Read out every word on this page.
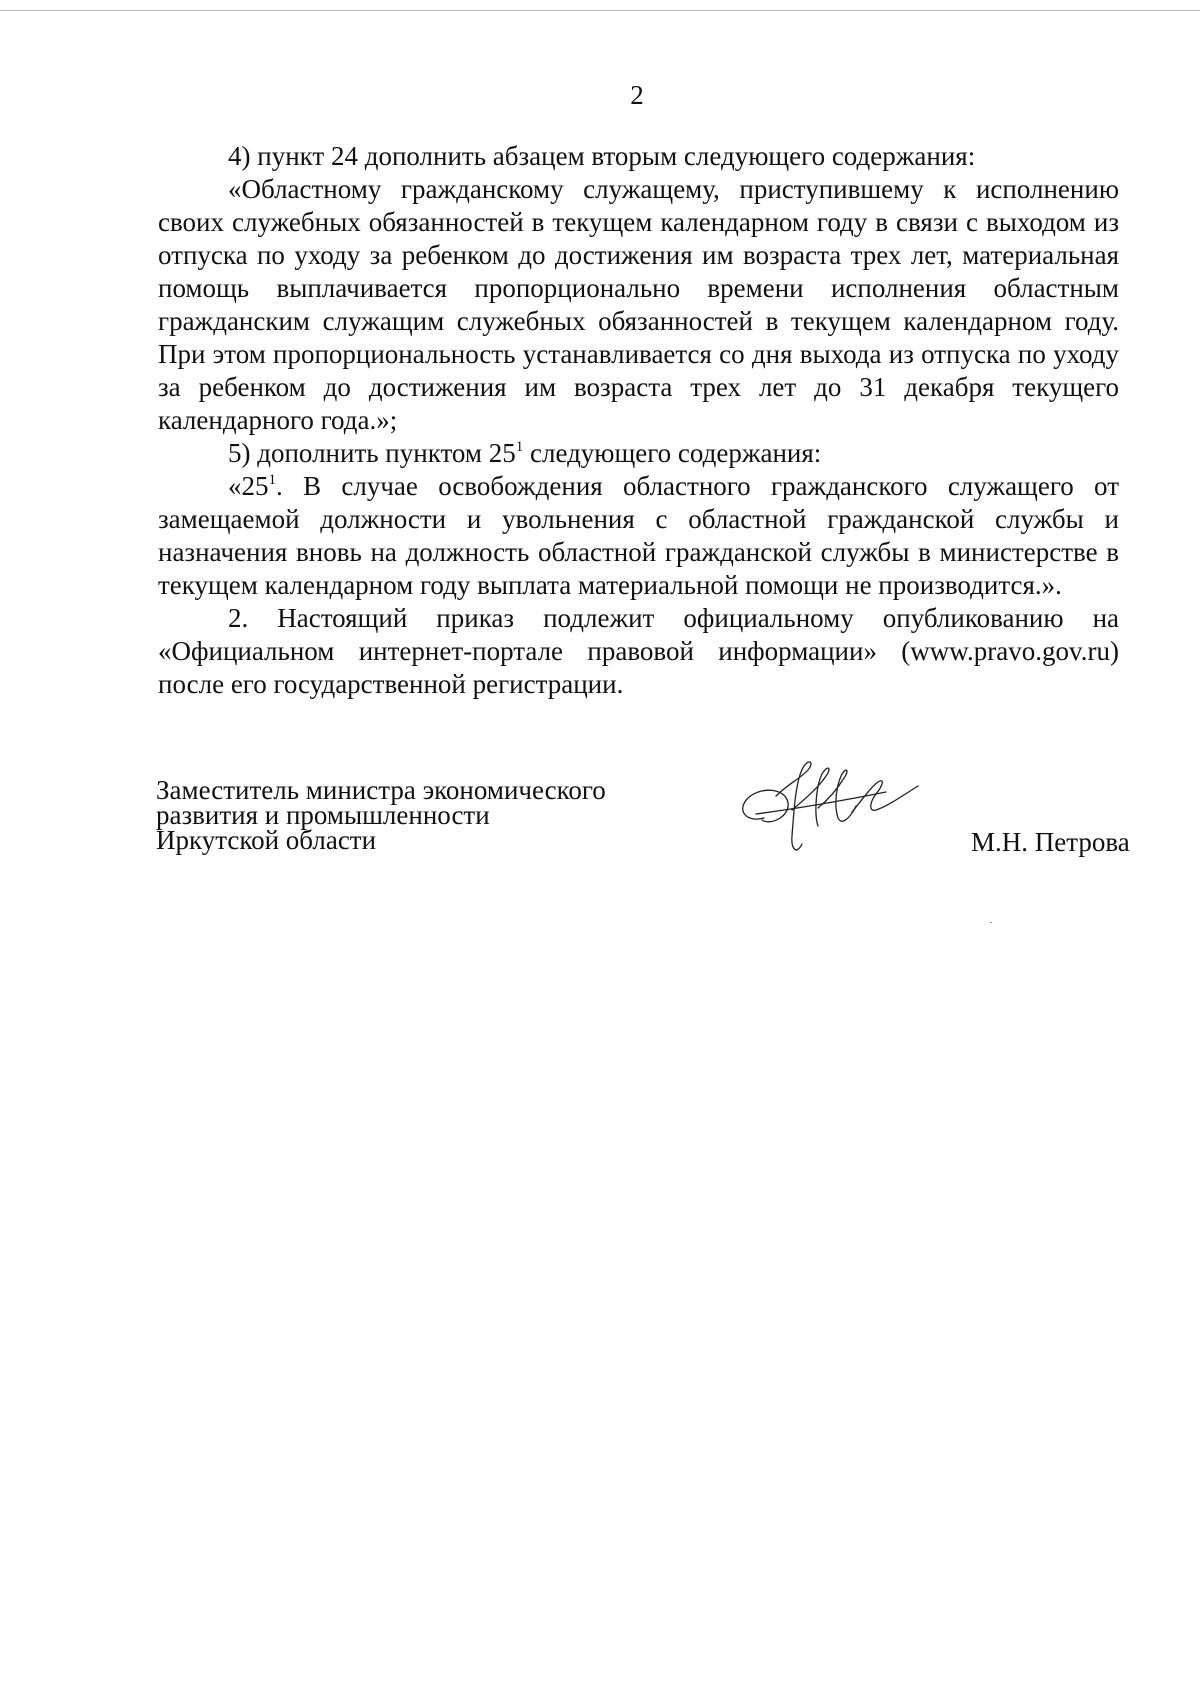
2

4) пункт 24 дополнить абзацем вторым следующего содержания:

«Областному гражданскому служащему, приступившему к исполнению своих служебных обязанностей в текущем календарном году в связи с выходом из отпуска по уходу за ребенком до достижения им возраста трех лет, материальная помощь выплачивается пропорционально времени исполнения областным гражданским служащим служебных обязанностей в текущем календарном году. При этом пропорциональность устанавливается со дня выхода из отпуска по уходу за ребенком до достижения им возраста трех лет до 31 декабря текущего календарного года.»;

5) дополнить пунктом $25^1$ следующего содержания:

«$25^1$. В случае освобождения областного гражданского служащего от замещаемой должности и увольнения с областной гражданской службы и назначения вновь на должность областной гражданской службы в министерстве в текущем календарном году выплата материальной помощи не производится.».

2. Настоящий приказ подлежит официальному опубликованию на «Официальном интернет-портале правовой информации» (www.pravo.gov.ru) после его государственной регистрации.

Заместитель министра экономического
развития и промышленности
Иркутской области	М.Н. Петрова
